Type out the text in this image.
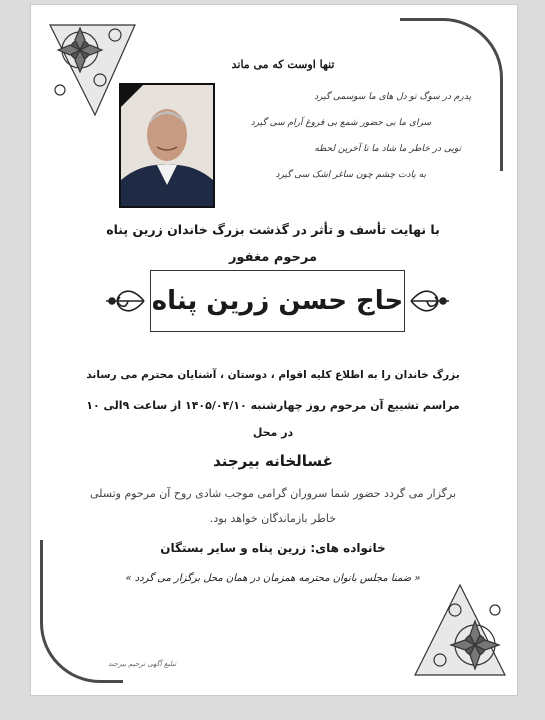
تنها اوست که می ماند
پدرم در سوگ تو دل های ما سوسمی گیرد
سرای ما بی حضور شمع بی فروغ آرام سی گیرد
تویی در خاطر ما شاد ما تا آخرین لحظه
به یادت چشم چون ساغر اشک سی گیرد
با نهایت تأسف و تأثر در گذشت بزرگ خاندان زرین پناه
مرحوم مغفور
حاج حسن زرین پناه
بزرگ خاندان را به اطلاع کلیه اقوام ، دوستان ، آشنایان محترم می رساند
مراسم تشییع آن مرحوم روز چهارشنبه ۱۴۰۵/۰۴/۱۰ از ساعت ۹الی ۱۰
در محل
غسالخانه بیرجند
برگزار می گردد حضور شما سروران گرامی موجب شادی روح آن مرحوم وتسلی
خاطر بازماندگان خواهد بود.
خانواده های: زرین پناه و سایر بستگان
« ضمنا مجلس بانوان محترمه همزمان در همان محل برگزار می گردد »
تبلیغ آگهی ترحیم بیرجند
